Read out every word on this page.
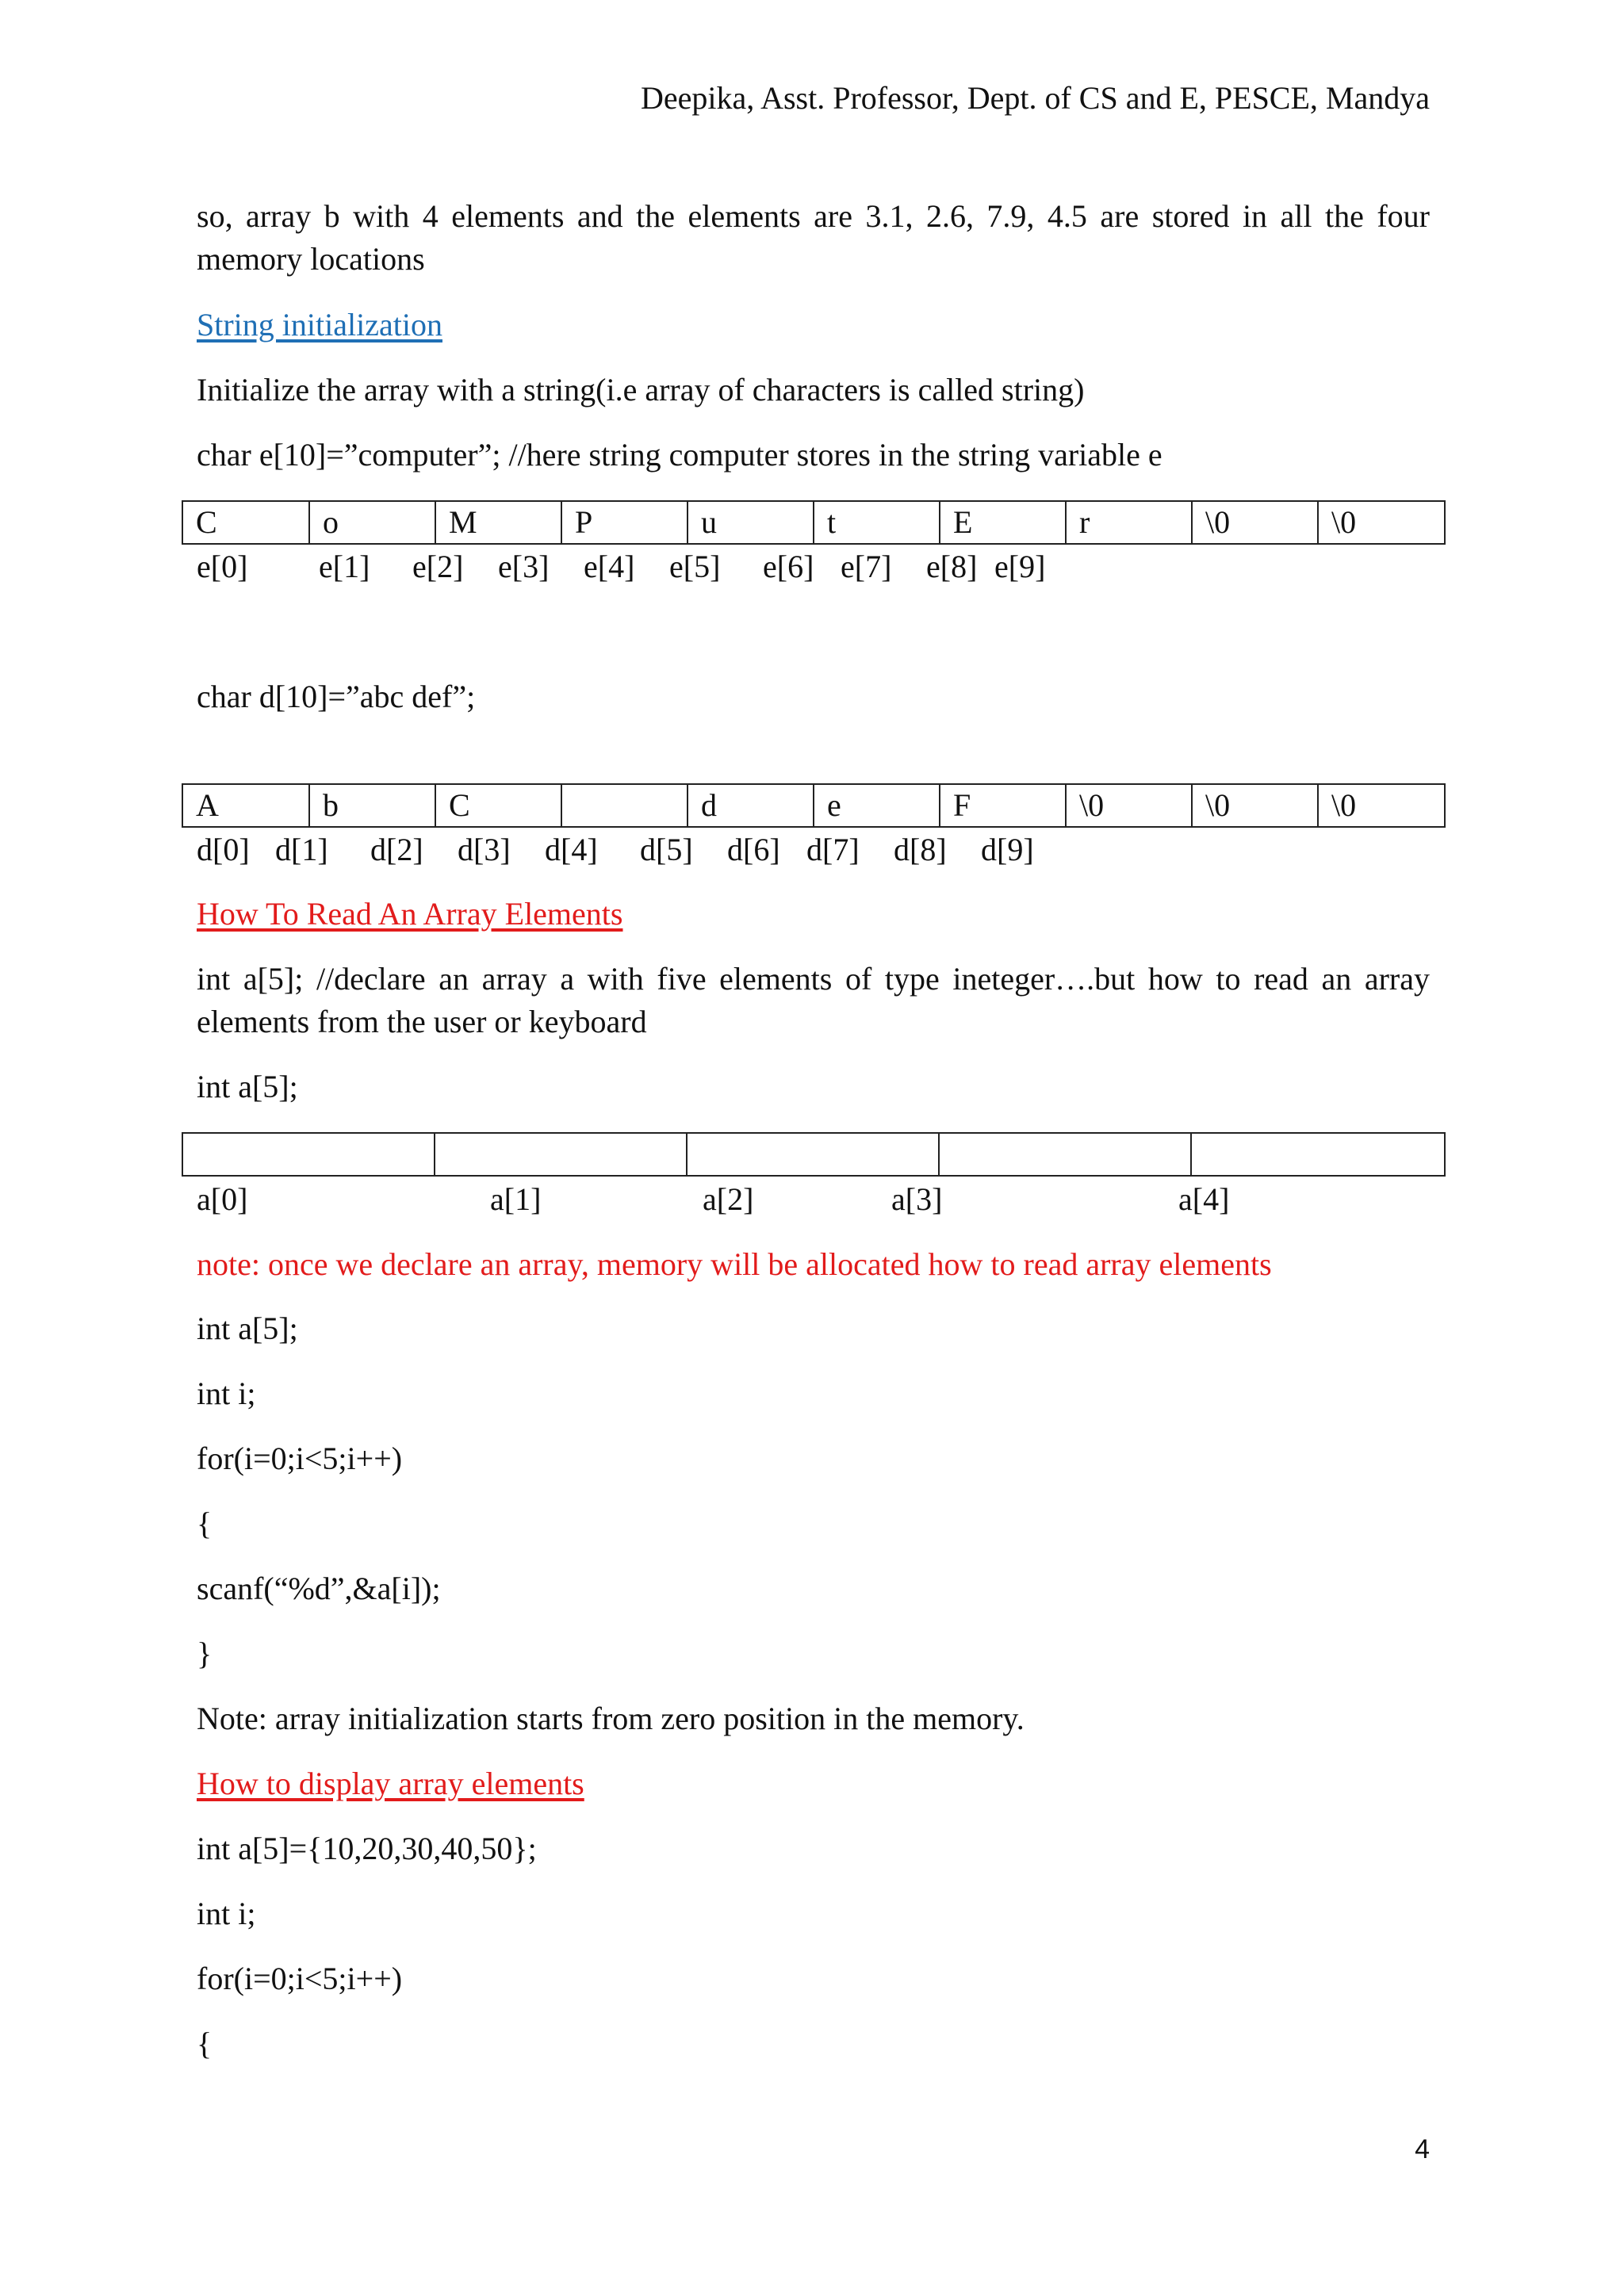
Deepika, Asst. Professor, Dept. of CS and E, PESCE, Mandya
so, array b with 4 elements and the elements are 3.1, 2.6, 7.9, 4.5 are stored in all the four memory locations
String initialization
Initialize the array with a string(i.e array of characters is called string)
char e[10]=”computer”; //here string computer stores in the string variable e
C	o	M	P	u	t	E	r	\0	\0
e[0] e[1] e[2] e[3] e[4] e[5] e[6] e[7] e[8] e[9]
char d[10]=”abc def”;
A	b	C		d	e	F	\0	\0	\0
d[0] d[1] d[2] d[3] d[4] d[5] d[6] d[7] d[8] d[9]
How To Read An Array Elements
int a[5]; //declare an array a with five elements of type ineteger….but how to read an array elements from the user or keyboard
int a[5];

a[0]	a[1]	a[2]	a[3]	a[4]
note: once we declare an array, memory will be allocated how to read array elements
int a[5];
int i;
for(i=0;i<5;i++)
{
scanf(“%d”,&a[i]);
}
Note: array initialization starts from zero position in the memory.
How to display array elements
int a[5]={10,20,30,40,50};
int i;
for(i=0;i<5;i++)
{
4
